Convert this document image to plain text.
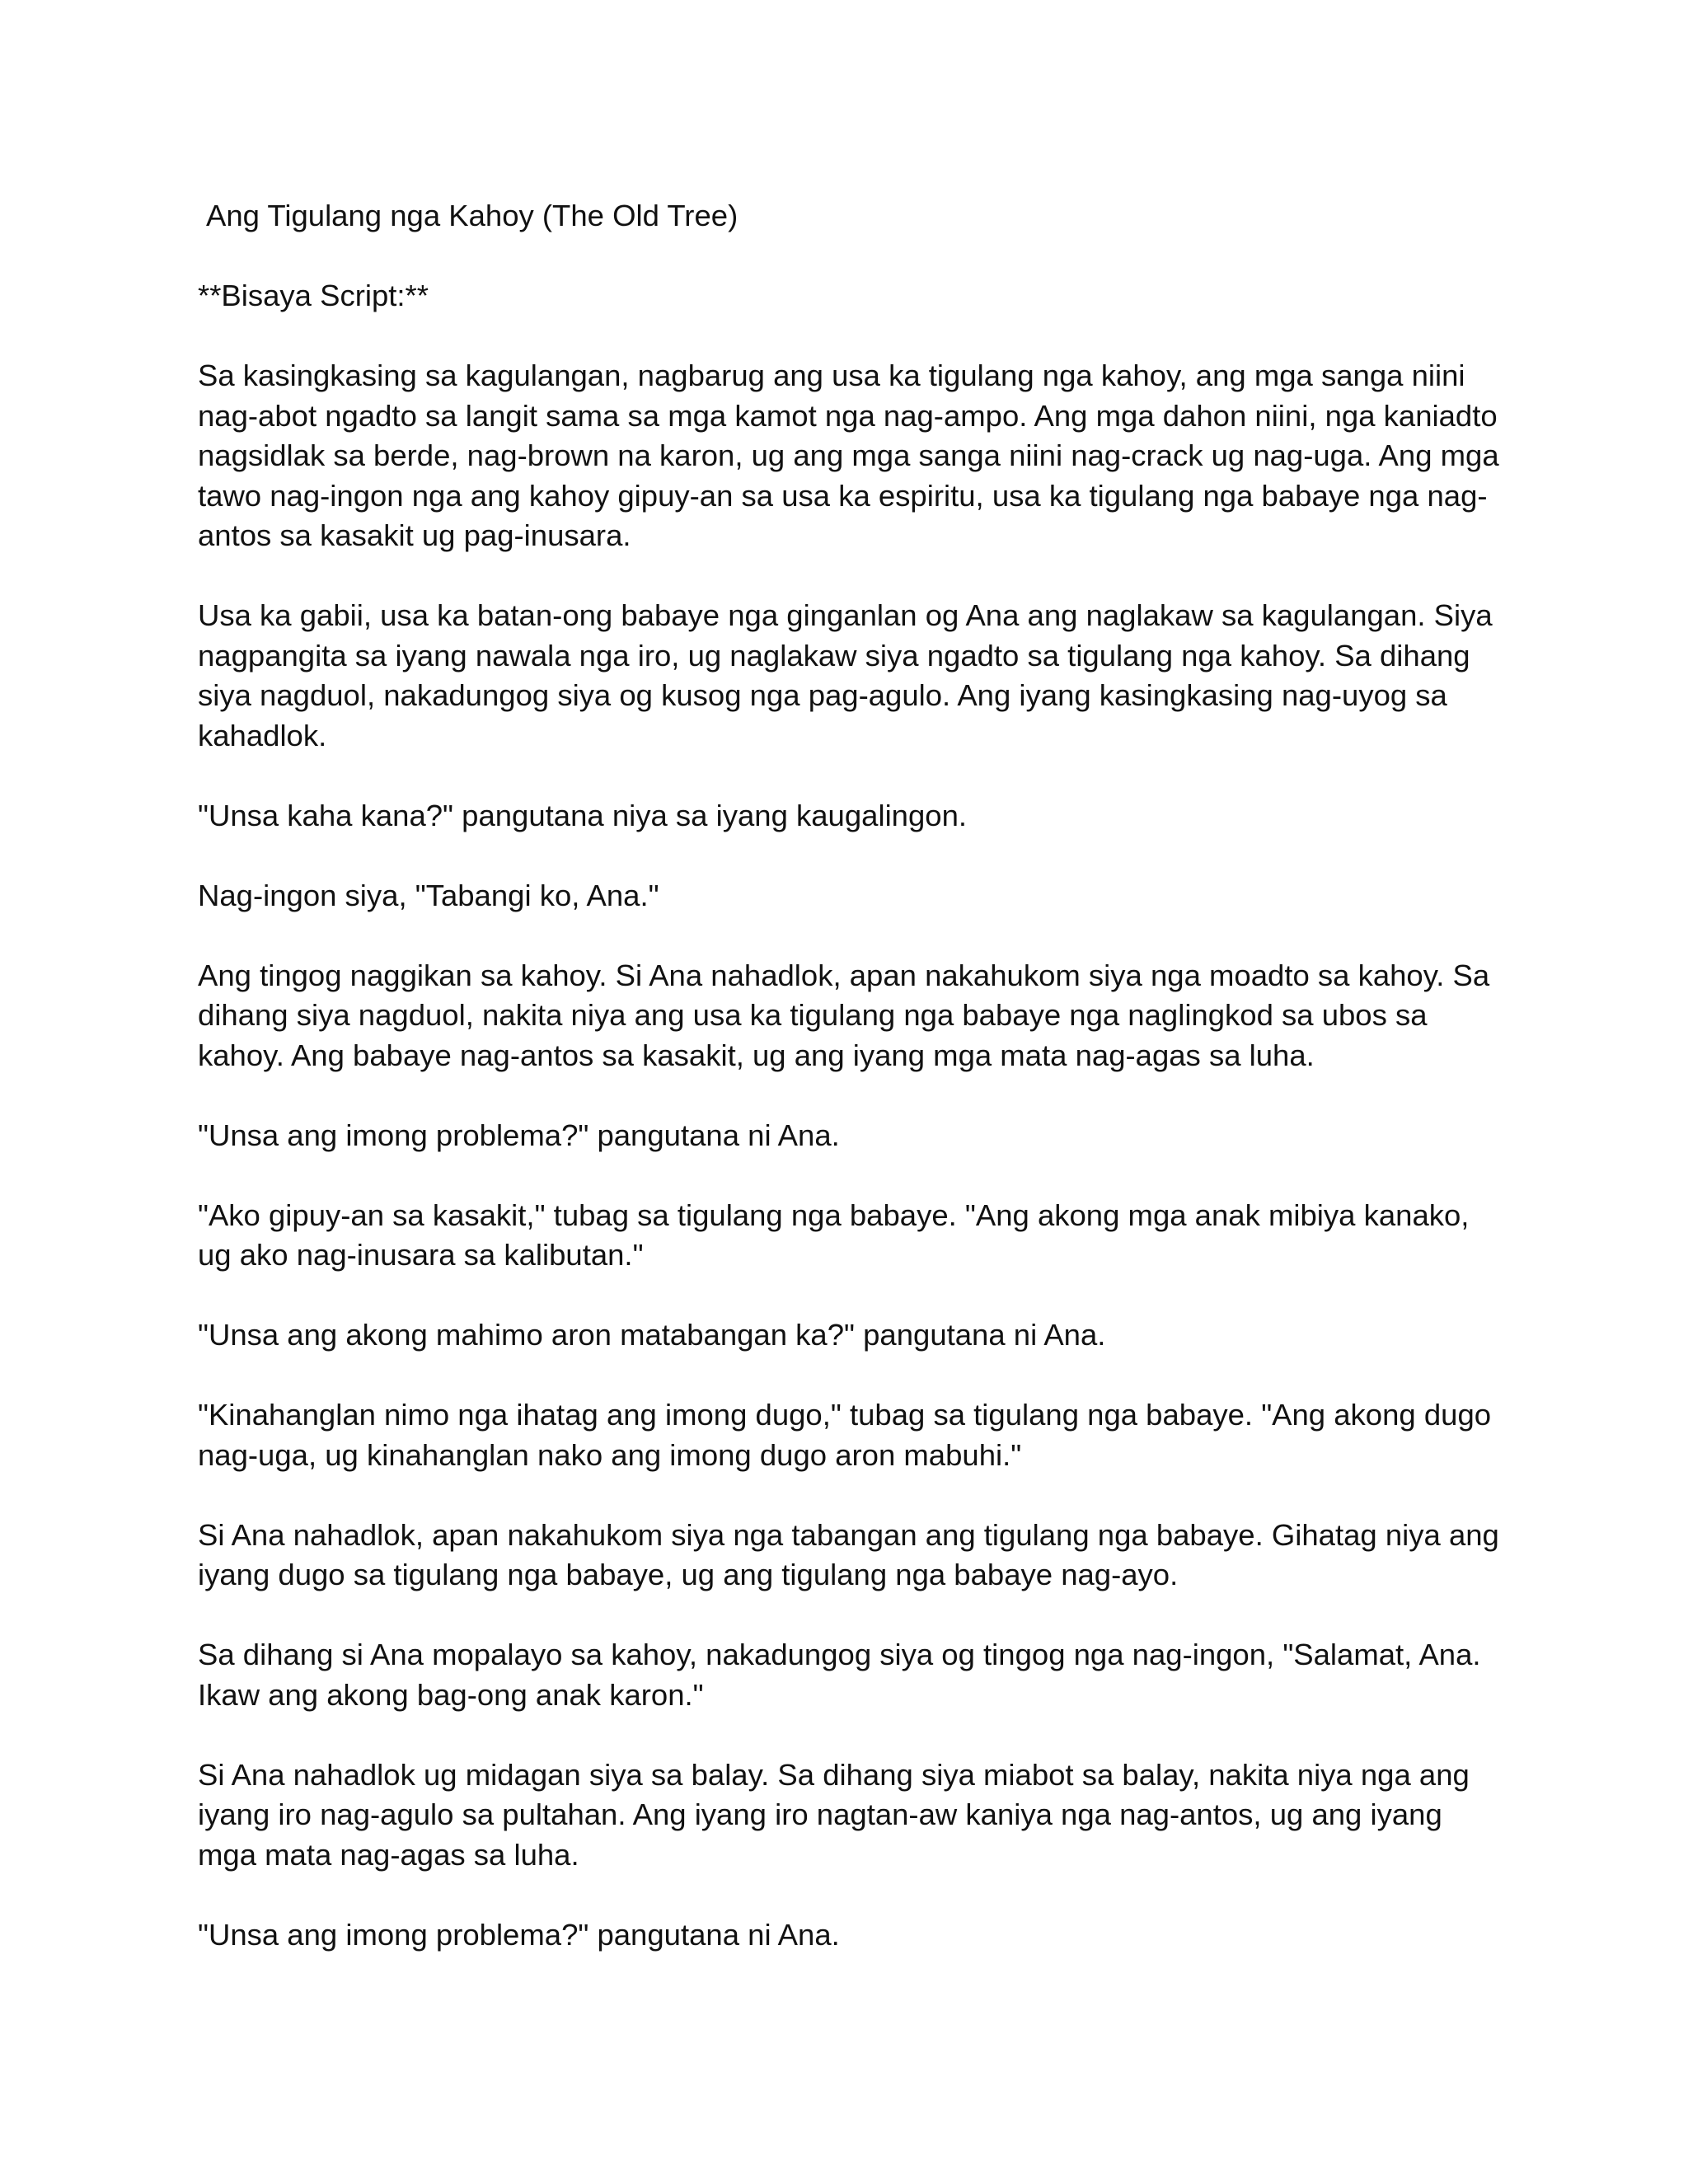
Ang Tigulang nga Kahoy (The Old Tree)

**Bisaya Script:**

Sa kasingkasing sa kagulangan, nagbarug ang usa ka tigulang nga kahoy, ang mga sanga niini nag-abot ngadto sa langit sama sa mga kamot nga nag-ampo. Ang mga dahon niini, nga kaniadto nagsidlak sa berde, nag-brown na karon, ug ang mga sanga niini nag-crack ug nag-uga. Ang mga tawo nag-ingon nga ang kahoy gipuy-an sa usa ka espiritu, usa ka tigulang nga babaye nga nag-antos sa kasakit ug pag-inusara.

Usa ka gabii, usa ka batan-ong babaye nga ginganlan og Ana ang naglakaw sa kagulangan. Siya nagpangita sa iyang nawala nga iro, ug naglakaw siya ngadto sa tigulang nga kahoy. Sa dihang siya nagduol, nakadungog siya og kusog nga pag-agulo. Ang iyang kasingkasing nag-uyog sa kahadlok.

"Unsa kaha kana?" pangutana niya sa iyang kaugalingon.

Nag-ingon siya, "Tabangi ko, Ana."

Ang tingog naggikan sa kahoy. Si Ana nahadlok, apan nakahukom siya nga moadto sa kahoy. Sa dihang siya nagduol, nakita niya ang usa ka tigulang nga babaye nga naglingkod sa ubos sa kahoy. Ang babaye nag-antos sa kasakit, ug ang iyang mga mata nag-agas sa luha.

"Unsa ang imong problema?" pangutana ni Ana.

"Ako gipuy-an sa kasakit," tubag sa tigulang nga babaye. "Ang akong mga anak mibiya kanako, ug ako nag-inusara sa kalibutan."

"Unsa ang akong mahimo aron matabangan ka?" pangutana ni Ana.

"Kinahanglan nimo nga ihatag ang imong dugo," tubag sa tigulang nga babaye. "Ang akong dugo nag-uga, ug kinahanglan nako ang imong dugo aron mabuhi."

Si Ana nahadlok, apan nakahukom siya nga tabangan ang tigulang nga babaye. Gihatag niya ang iyang dugo sa tigulang nga babaye, ug ang tigulang nga babaye nag-ayo.

Sa dihang si Ana mopalayo sa kahoy, nakadungog siya og tingog nga nag-ingon, "Salamat, Ana. Ikaw ang akong bag-ong anak karon."

Si Ana nahadlok ug midagan siya sa balay. Sa dihang siya miabot sa balay, nakita niya nga ang iyang iro nag-agulo sa pultahan. Ang iyang iro nagtan-aw kaniya nga nag-antos, ug ang iyang mga mata nag-agas sa luha.

"Unsa ang imong problema?" pangutana ni Ana.
